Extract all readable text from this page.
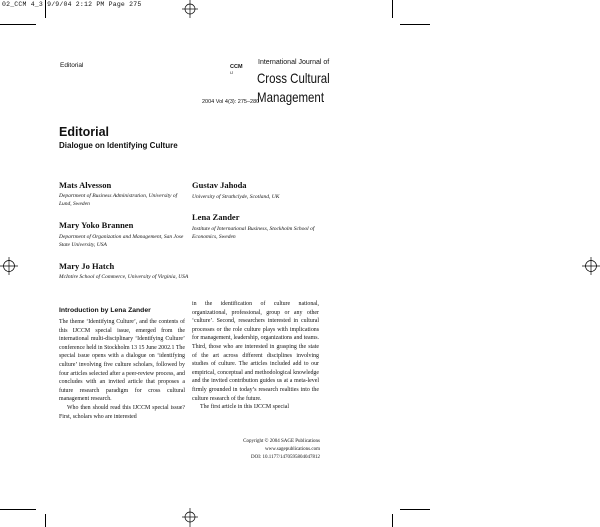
02_CCM 4_3 9/9/04 2:12 PM Page 275
Editorial
IJ
CCM
International Journal of
Cross Cultural
Management
2004 Vol 4(3): 275–280
Editorial
Dialogue on Identifying Culture
Mats Alvesson
Department of Business Administration, University of Lund, Sweden
Mary Yoko Brannen
Department of Organization and Management, San Jose State University, USA
Mary Jo Hatch
McIntire School of Commerce, University of Virginia, USA
Gustav Jahoda
University of Strathclyde, Scotland, UK
Lena Zander
Institute of International Business, Stockholm School of Economics, Sweden
Introduction by Lena Zander

The theme ‘Identifying Culture’, and the contents of this IJCCM special issue, emerged from the international multi-disciplinary ‘Identifying Culture’ conference held in Stockholm 13 15 June 2002.1 The special issue opens with a dialogue on ‘identifying culture’ involving five culture scholars, followed by four articles selected after a peer-review process, and concludes with an invited article that proposes a future research paradigm for cross cultural management research.

Who then should read this IJCCM special issue? First, scholars who are interested

in the identification of culture national, organizational, professional, group or any other ‘culture’. Second, researchers interested in cultural processes or the role culture plays with implications for management, leadership, organizations and teams. Third, those who are interested in grasping the state of the art across different disciplines involving studies of culture. The articles included add to our empirical, conceptual and methodological knowledge and the invited contribution guides us at a meta-level firmly grounded in today’s research realities into the culture research of the future.

The first article in this IJCCM special

Copyright © 2004 SAGE Publications
www.sagepublications.com
DOI: 10.1177/1470595804047812
